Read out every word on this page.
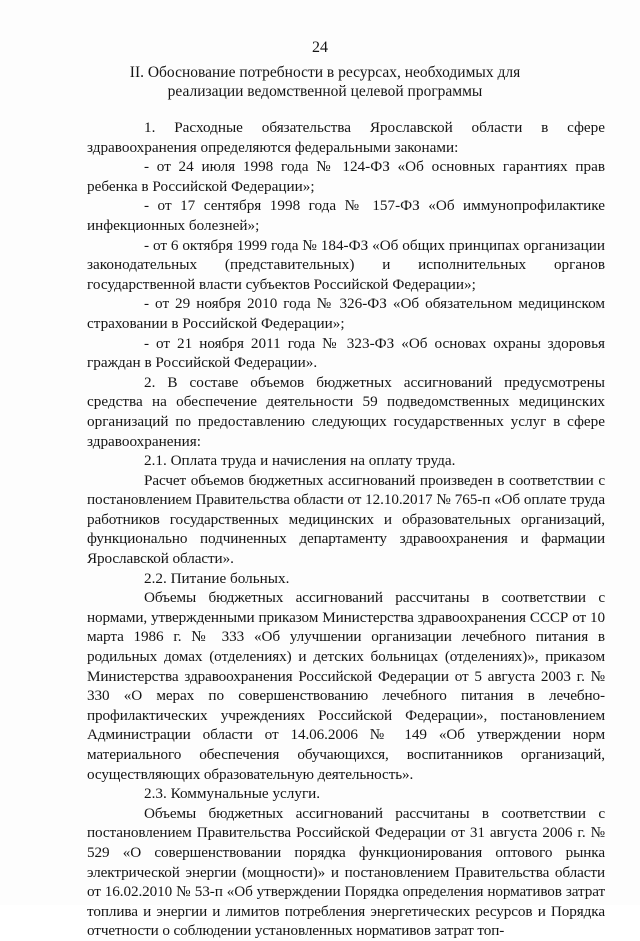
24
II. Обоснование потребности в ресурсах, необходимых для реализации ведомственной целевой программы

1. Расходные обязательства Ярославской области в сфере здравоохранения определяются федеральными законами:

- от 24 июля 1998 года № 124-ФЗ «Об основных гарантиях прав ребенка в Российской Федерации»;

- от 17 сентября 1998 года № 157-ФЗ «Об иммунопрофилактике инфекционных болезней»;

- от 6 октября 1999 года № 184-ФЗ «Об общих принципах организации законодательных (представительных) и исполнительных органов государственной власти субъектов Российской Федерации»;

- от 29 ноября 2010 года № 326-ФЗ «Об обязательном медицинском страховании в Российской Федерации»;

- от 21 ноября 2011 года № 323-ФЗ «Об основах охраны здоровья граждан в Российской Федерации».

2. В составе объемов бюджетных ассигнований предусмотрены средства на обеспечение деятельности 59 подведомственных медицинских организаций по предоставлению следующих государственных услуг в сфере здравоохранения:

2.1. Оплата труда и начисления на оплату труда.

Расчет объемов бюджетных ассигнований произведен в соответствии с постановлением Правительства области от 12.10.2017 № 765-п «Об оплате труда работников государственных медицинских и образовательных организаций, функционально подчиненных департаменту здравоохранения и фармации Ярославской области».

2.2. Питание больных.

Объемы бюджетных ассигнований рассчитаны в соответствии с нормами, утвержденными приказом Министерства здравоохранения СССР от 10 марта 1986 г. № 333 «Об улучшении организации лечебного питания в родильных домах (отделениях) и детских больницах (отделениях)», приказом Министерства здравоохранения Российской Федерации от 5 августа 2003 г. № 330 «О мерах по совершенствованию лечебного питания в лечебно-профилактических учреждениях Российской Федерации», постановлением Администрации области от 14.06.2006 № 149 «Об утверждении норм материального обеспечения обучающихся, воспитанников организаций, осуществляющих образовательную деятельность».

2.3. Коммунальные услуги.

Объемы бюджетных ассигнований рассчитаны в соответствии с постановлением Правительства Российской Федерации от 31 августа 2006 г. № 529 «О совершенствовании порядка функционирования оптового рынка электрической энергии (мощности)» и постановлением Правительства области от 16.02.2010 № 53-п «Об утверждении Порядка определения нормативов затрат топлива и энергии и лимитов потребления энергетических ресурсов и Порядка отчетности о соблюдении установленных нормативов затрат топ-
